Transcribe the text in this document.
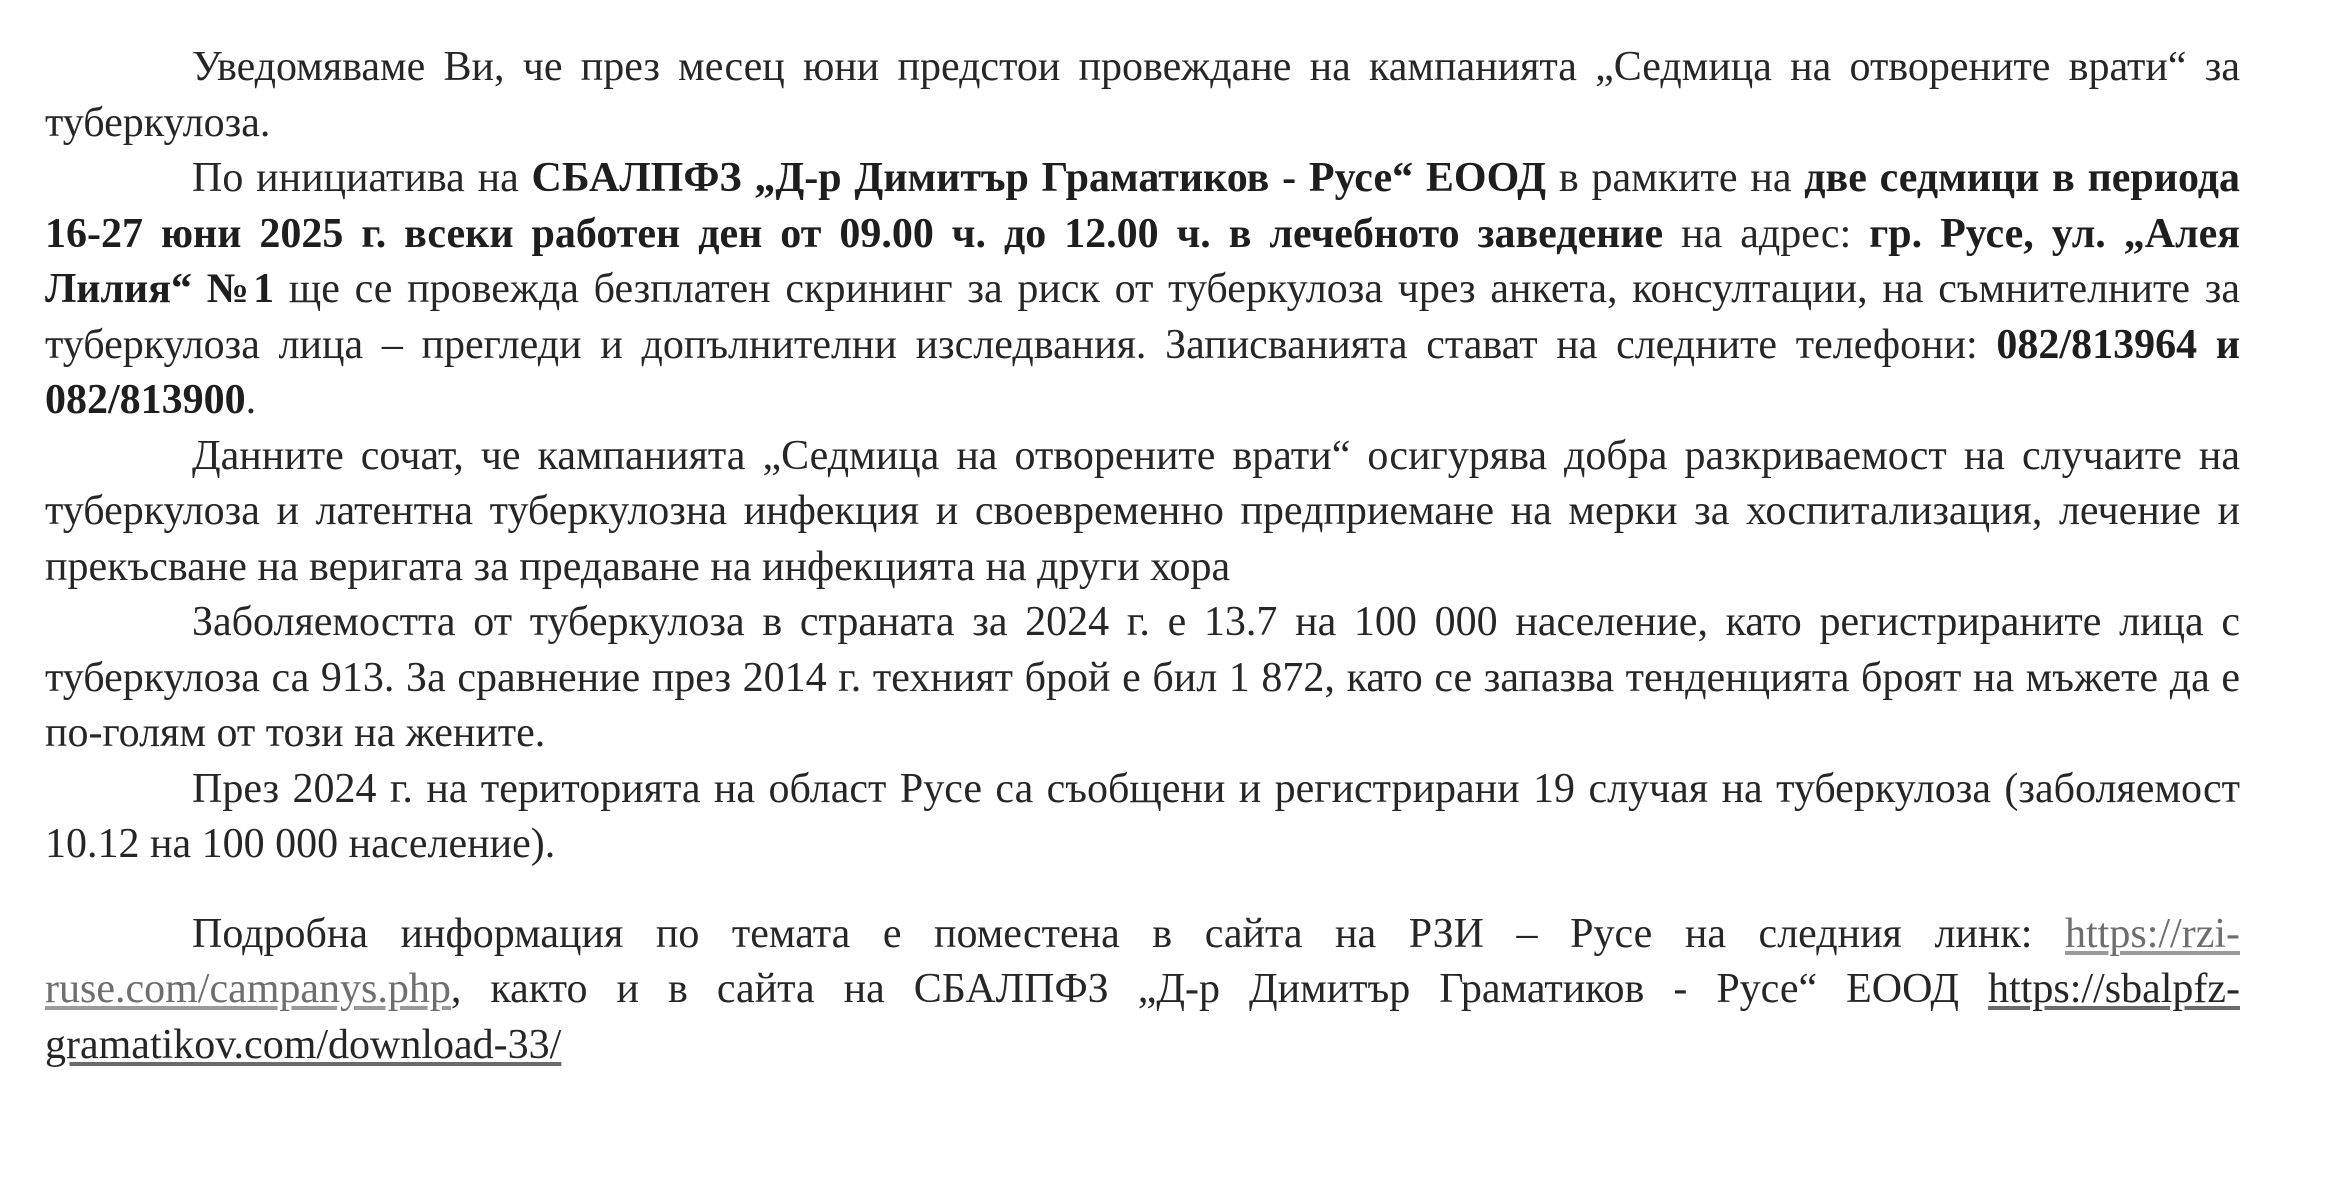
Уведомяваме Ви, че през месец юни предстои провеждане на кампанията „Седмица на отворените врати“ за туберкулоза.

По инициатива на СБАЛПФЗ „Д-р Димитър Граматиков - Русе“ ЕООД в рамките на две седмици в периода 16-27 юни 2025 г. всеки работен ден от 09.00 ч. до 12.00 ч. в лечебното заведение на адрес: гр. Русе, ул. „Алея Лилия“ №1 ще се провежда безплатен скрининг за риск от туберкулоза чрез анкета, консултации, на съмнителните за туберкулоза лица – прегледи и допълнителни изследвания. Записванията стават на следните телефони: 082/813964 и 082/813900.

Данните сочат, че кампанията „Седмица на отворените врати“ осигурява добра разкриваемост на случаите на туберкулоза и латентна туберкулозна инфекция и своевременно предприемане на мерки за хоспитализация, лечение и прекъсване на веригата за предаване на инфекцията на други хора

Заболяемостта от туберкулоза в страната за 2024 г. е 13.7 на 100 000 население, като регистрираните лица с туберкулоза са 913. За сравнение през 2014 г. техният брой е бил 1 872, като се запазва тенденцията броят на мъжете да е по-голям от този на жените.

През 2024 г. на територията на област Русе са съобщени и регистрирани 19 случая на туберкулоза (заболяемост 10.12 на 100 000 население).

Подробна информация по темата е поместена в сайта на РЗИ – Русе на следния линк: https://rzi-ruse.com/campanys.php, както и в сайта на СБАЛПФЗ „Д-р Димитър Граматиков - Русе“ ЕООД https://sbalpfz-gramatikov.com/download-33/
